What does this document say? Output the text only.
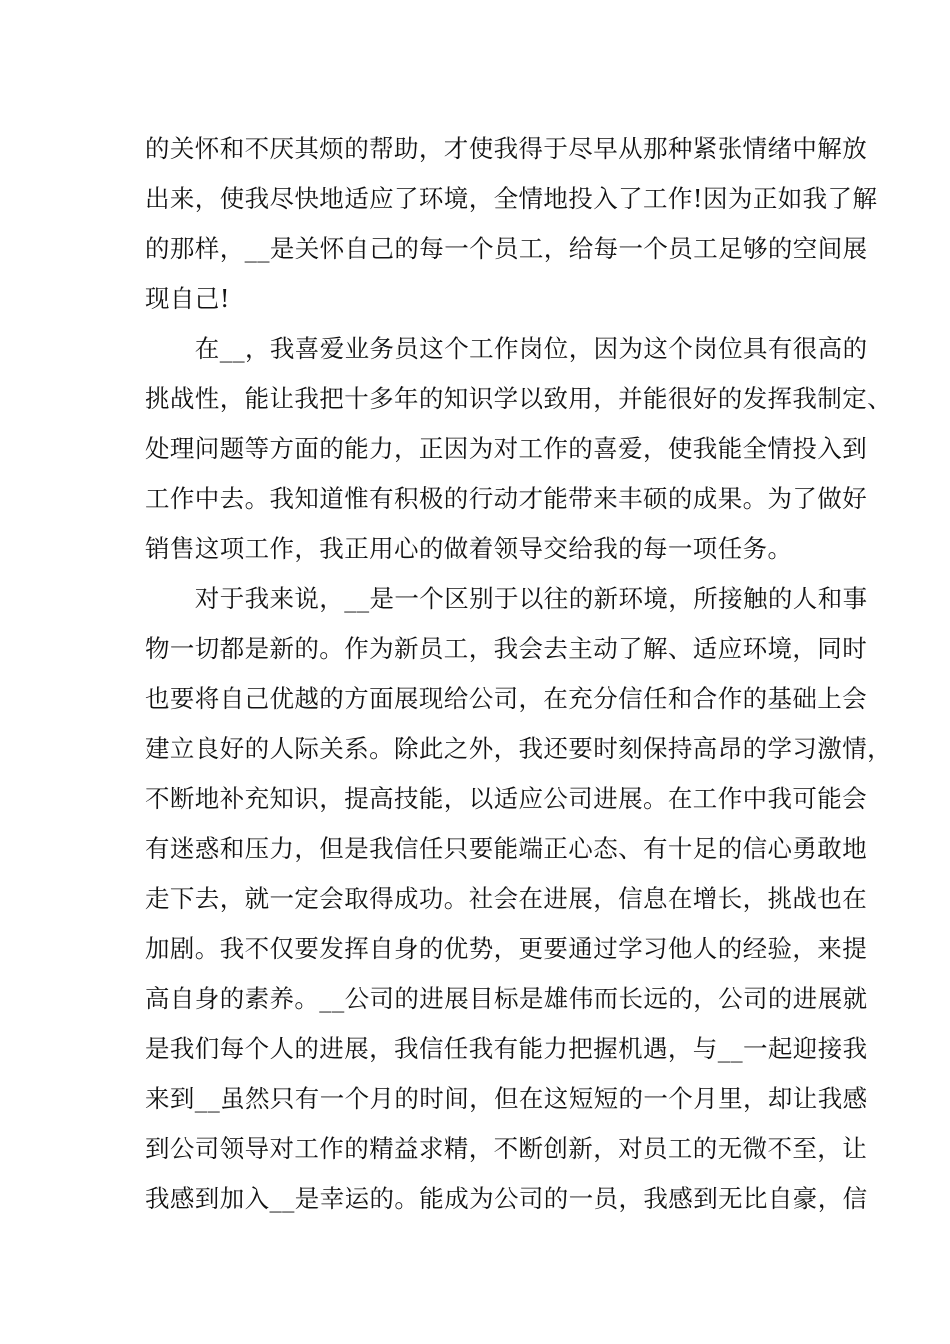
的关怀和不厌其烦的帮助，才使我得于尽早从那种紧张情绪中解放
出来，使我尽快地适应了环境，全情地投入了工作!因为正如我了解
的那样，__是关怀自己的每一个员工，给每一个员工足够的空间展
现自己!
　　在__，我喜爱业务员这个工作岗位，因为这个岗位具有很高的
挑战性，能让我把十多年的知识学以致用，并能很好的发挥我制定、
处理问题等方面的能力，正因为对工作的喜爱，使我能全情投入到
工作中去。我知道惟有积极的行动才能带来丰硕的成果。为了做好
销售这项工作，我正用心的做着领导交给我的每一项任务。
　　对于我来说，__是一个区别于以往的新环境，所接触的人和事
物一切都是新的。作为新员工，我会去主动了解、适应环境，同时
也要将自己优越的方面展现给公司，在充分信任和合作的基础上会
建立良好的人际关系。除此之外，我还要时刻保持高昂的学习激情，
不断地补充知识，提高技能，以适应公司进展。在工作中我可能会
有迷惑和压力，但是我信任只要能端正心态、有十足的信心勇敢地
走下去，就一定会取得成功。社会在进展，信息在增长，挑战也在
加剧。我不仅要发挥自身的优势，更要通过学习他人的经验，来提
高自身的素养。__公司的进展目标是雄伟而长远的，公司的进展就
是我们每个人的进展，我信任我有能力把握机遇，与__一起迎接我
来到__虽然只有一个月的时间，但在这短短的一个月里，却让我感
到公司领导对工作的精益求精，不断创新，对员工的无微不至，让
我感到加入__是幸运的。能成为公司的一员，我感到无比自豪，信
